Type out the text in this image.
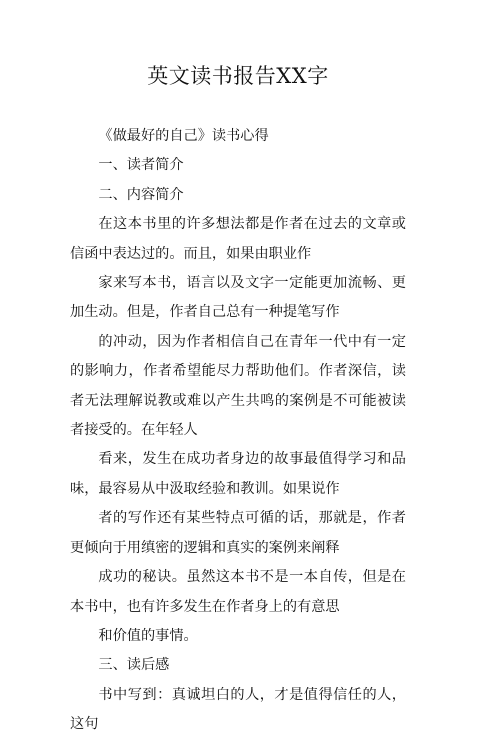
英文读书报告XX字

《做最好的自己》读书心得

一、读者简介

二、内容简介

在这本书里的许多想法都是作者在过去的文章或信函中表达过的。而且，如果由职业作

家来写本书，语言以及文字一定能更加流畅、更加生动。但是，作者自己总有一种提笔写作

的冲动，因为作者相信自己在青年一代中有一定的影响力，作者希望能尽力帮助他们。作者深信，读者无法理解说教或难以产生共鸣的案例是不可能被读者接受的。在年轻人

看来，发生在成功者身边的故事最值得学习和品味，最容易从中汲取经验和教训。如果说作

者的写作还有某些特点可循的话，那就是，作者更倾向于用缜密的逻辑和真实的案例来阐释

成功的秘诀。虽然这本书不是一本自传，但是在本书中，也有许多发生在作者身上的有意思

和价值的事情。

三、读后感

书中写到：真诚坦白的人，才是值得信任的人，这句
